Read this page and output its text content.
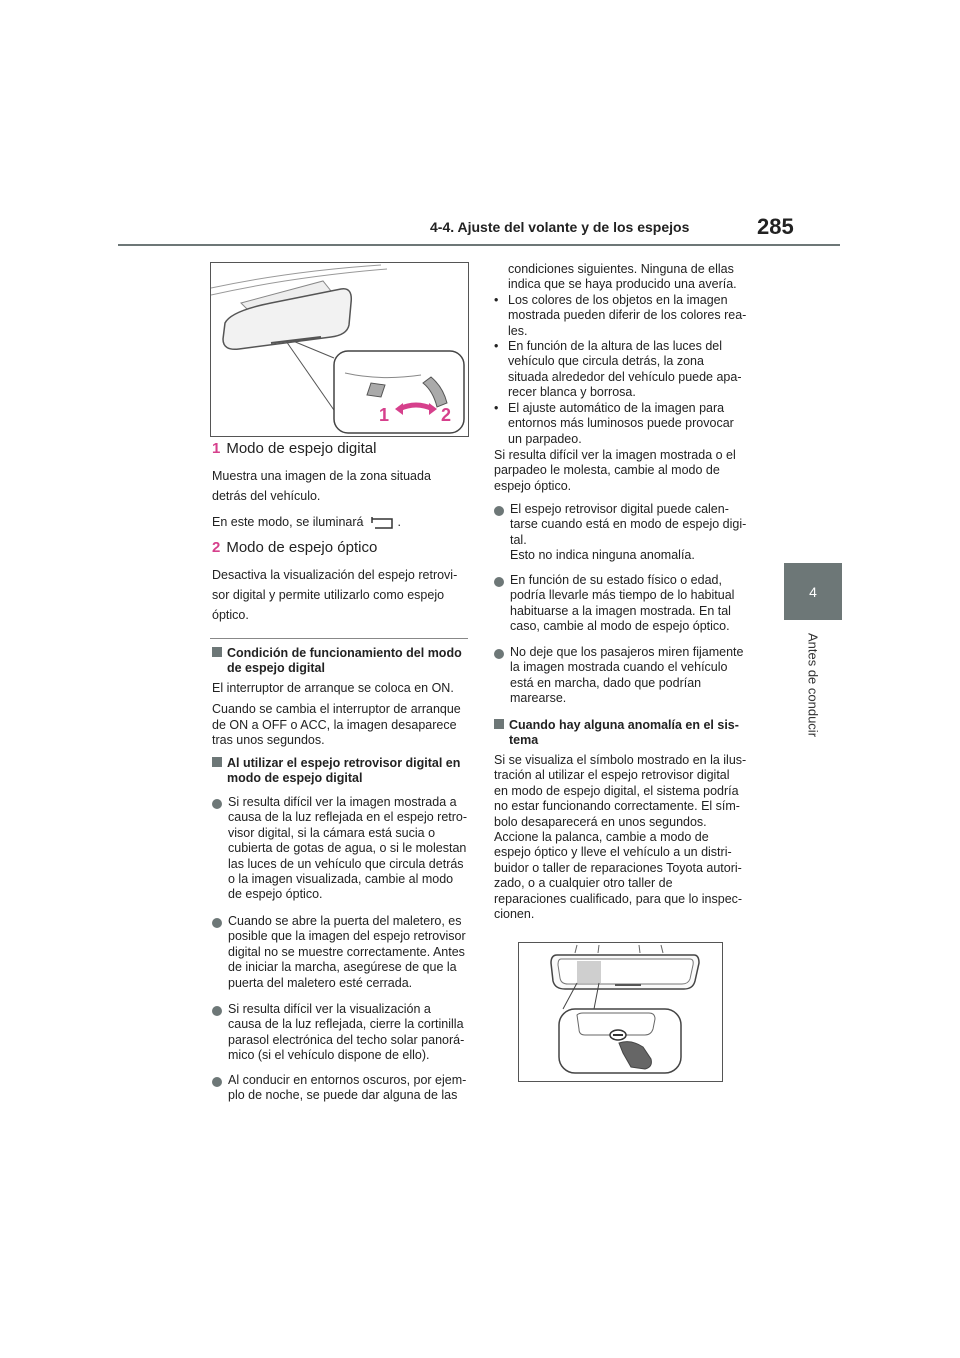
4-4. Ajuste del volante y de los espejos	285
4
Antes de conducir
1	2
1 Modo de espejo digital

Muestra una imagen de la zona situada

detrás del vehículo.

En este modo, se iluminará	.
2 Modo de espejo óptico

Desactiva la visualización del espejo retrovi-

sor digital y permite utilizarlo como espejo

óptico.

Condición de funcionamiento del modo

de espejo digital

El interruptor de arranque se coloca en ON.

Cuando se cambia el interruptor de arranque

de ON a OFF o ACC, la imagen desaparece

tras unos segundos.

Al utilizar el espejo retrovisor digital en

modo de espejo digital

Si resulta difícil ver la imagen mostrada a

causa de la luz reflejada en el espejo retro-

visor digital, si la cámara está sucia o

cubierta de gotas de agua, o si le molestan

las luces de un vehículo que circula detrás

o la imagen visualizada, cambie al modo

de espejo óptico.

Cuando se abre la puerta del maletero, es

posible que la imagen del espejo retrovisor

digital no se muestre correctamente. Antes

de iniciar la marcha, asegúrese de que la

puerta del maletero esté cerrada.

Si resulta difícil ver la visualización a

causa de la luz reflejada, cierre la cortinilla

parasol electrónica del techo solar panorá-

mico (si el vehículo dispone de ello).

Al conducir en entornos oscuros, por ejem-

plo de noche, se puede dar alguna de las

condiciones siguientes. Ninguna de ellas

indica que se haya producido una avería.

• Los colores de los objetos en la imagen

mostrada pueden diferir de los colores rea-

les.

• En función de la altura de las luces del

vehículo que circula detrás, la zona

situada alrededor del vehículo puede apa-

recer blanca y borrosa.

• El ajuste automático de la imagen para

entornos más luminosos puede provocar

un parpadeo.

Si resulta difícil ver la imagen mostrada o el

parpadeo le molesta, cambie al modo de

espejo óptico.

El espejo retrovisor digital puede calen-

tarse cuando está en modo de espejo digi-

tal.

Esto no indica ninguna anomalía.

En función de su estado físico o edad,

podría llevarle más tiempo de lo habitual

habituarse a la imagen mostrada. En tal

caso, cambie al modo de espejo óptico.

No deje que los pasajeros miren fijamente

la imagen mostrada cuando el vehículo

está en marcha, dado que podrían

marearse.

Cuando hay alguna anomalía en el sis-

tema

Si se visualiza el símbolo mostrado en la ilus-

tración al utilizar el espejo retrovisor digital

en modo de espejo digital, el sistema podría

no estar funcionando correctamente. El sím-

bolo desaparecerá en unos segundos.

Accione la palanca, cambie a modo de

espejo óptico y lleve el vehículo a un distri-

buidor o taller de reparaciones Toyota autori-

zado, o a cualquier otro taller de

reparaciones cualificado, para que lo inspec-

cionen.
